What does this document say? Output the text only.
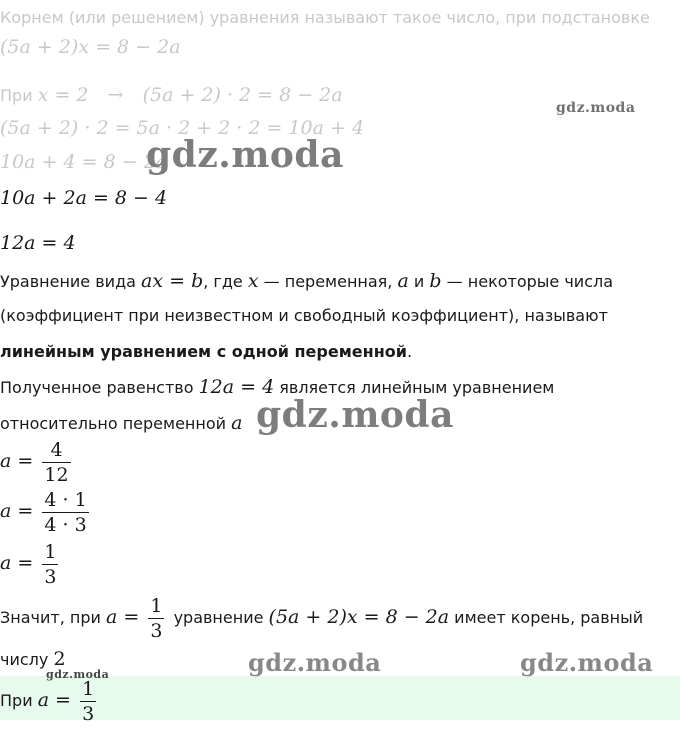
Корнем (или решением) уравнения называют такое число, при подстановке
(5a + 2)x = 8 − 2a
При x = 2 → (5a + 2) · 2 = 8 − 2a
(5a + 2) · 2 = 5a · 2 + 2 · 2 = 10a + 4
10a + 4 = 8 − 2a
10a + 2a = 8 − 4
12a = 4
Уравнение вида ax = b, где x — переменная, a и b — некоторые числа
(коэффициент при неизвестном и свободный коэффициент), называют
линейным уравнением с одной переменной.
Полученное равенство 12a = 4 является линейным уравнением
относительно переменной a
$a = \frac{4}{12}$
$a = \frac{4 \cdot 1}{4 \cdot 3}$
$a = \frac{1}{3}$
Значит, при $a = \frac{1}{3}$ уравнение (5a + 2)x = 8 − 2a имеет корень, равный
числу 2
При $a = \frac{1}{3}$
gdz.moda
gdz.moda
gdz.moda
gdz.moda	gdz.moda
gdz.moda
